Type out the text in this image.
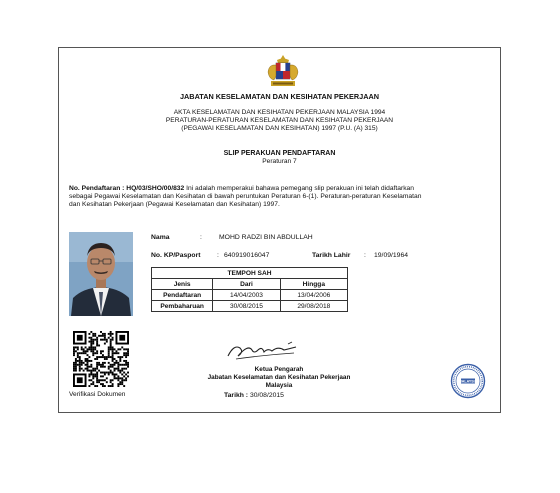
JABATAN KESELAMATAN DAN KESIHATAN PEKERJAAN
AKTA KESELAMATAN DAN KESIHATAN PEKERJAAN MALAYSIA 1994
PERATURAN-PERATURAN KESELAMATAN DAN KESIHATAN PEKERJAAN
(PEGAWAI KESELAMATAN DAN KESIHATAN) 1997 (P.U. (A) 315)
SLIP PERAKUAN PENDAFTARAN
Peraturan 7
No. Pendaftaran : HQ/03/SHO/00/832 Ini adalah memperakui bahawa pemegang slip perakuan ini telah didaftarkan
sebagai Pegawai Keselamatan dan Kesihatan di bawah peruntukan Peraturan 6-(1). Peraturan-peraturan Keselamatan
dan Kesihatan Pekerjaan (Pegawai Keselamatan dan Kesihatan) 1997.
Nama	:	MOHD RADZI BIN ABDULLAH
No. KP/Pasport : 640919016047	Tarikh Lahir : 19/09/1964
TEMPOH SAH		
Jenis	Dari	Hingga
Pendaftaran	14/04/2003	13/04/2006
Pembaharuan	30/08/2015	29/08/2018
Verifikasi Dokumen
Ketua Pengarah
Jabatan Keselamatan dan Kesihatan Pekerjaan
Malaysia
Tarikh : 30/08/2015
MALAYSIA
